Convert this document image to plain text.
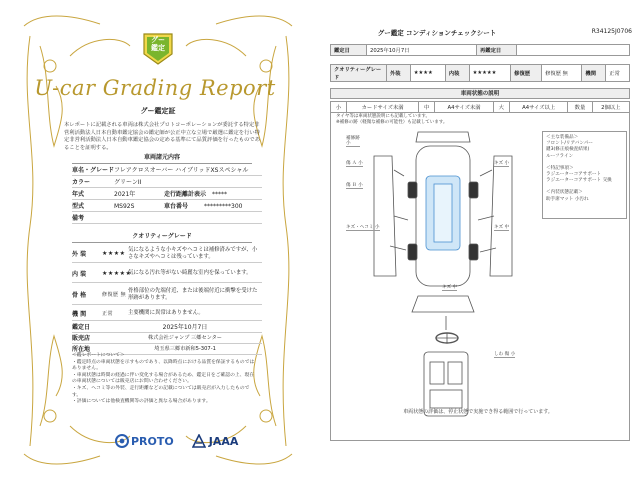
グー
鑑定
U-car Grading Report
グー鑑定証
本レポートに記載される車両は株式会社プロトコーポレーションが委託する特定非営利活動法人日本自動車鑑定協会の鑑定師が公正中立な立場で厳選に鑑定を行い特定非営利活動法人日本自動車鑑定協会の定める基準にて品質評価を行ったものであることを証明する。
車両諸元内容
車名・グレード フレアクロスオーバー ハイブリッドXSスペシャル
カラー	グリーンII
年式	2021年	走行距離計表示 *****
型式	MS92S	車台番号	*********300
備考
クオリティーグレード
外 装	★★★★
気になるような小キズやヘコミは補修済みですが、小さなキズやヘコミは残っています。
内 装	★★★★★
気になる汚れ等がない綺麗な室内を保っています。
骨 格	修復歴 無
骨格部位の先端付近、または後端付近に衝撃を受けた形跡があります。
機 関	正常	主要機関に異常はありません。
鑑定日	2025年10月7日
販売店	株式会社ジャンプ 三郷センター
所在地	埼玉県三郷市新和5-307-1
＜鑑レポートについて＞
・鑑定時点の車両状態を示すものであり、以降時点における品質を保証するものではありません。
・車両状態は時間の経過に伴い変化する場合があるため、鑑定日をご確認の上、現在の車両状態については販売店にお問い合わせください。
・キズ、ヘコミ等の外装、走行距離などの記載については販売店が入力したものです。
・評価については他検査機関等の評価と異なる場合があります。
PROTO	JAAA
グー鑑定 コンディションチェックシート	R34125J0706
鑑定日	2025年10月7日	再鑑定日	
クオリティーグレード	外装	★★★★	内装	★★★★★	修復歴	修復歴 無	機関	正常
車両状態の説明
小	カードサイズ未満	中	A4サイズ未満	大	A4サイズ以上	数量	2個以上
タイヤ等は車両状態説明にも記載しています。
※補修の跡（軽微な補修の可能性）も記載しています。
補修跡
小
傷 Ａ 小
傷 Ｂ 小
キズ 小
キズ・ヘコミ 小	キズ 中
キズ 中
しわ 傷 小
＜主な装備品＞
フロント/リアバンパー
鍵3(修正痕検査結果)
ルーフライン
＜特記事項＞
ラジエーターコアサポート
ラジエーターコアサポート 交換
＜内装状態記載＞
助手席マット 小汚れ
車両状態の評価は、停止状態で実施でき得る範囲で行っています。
